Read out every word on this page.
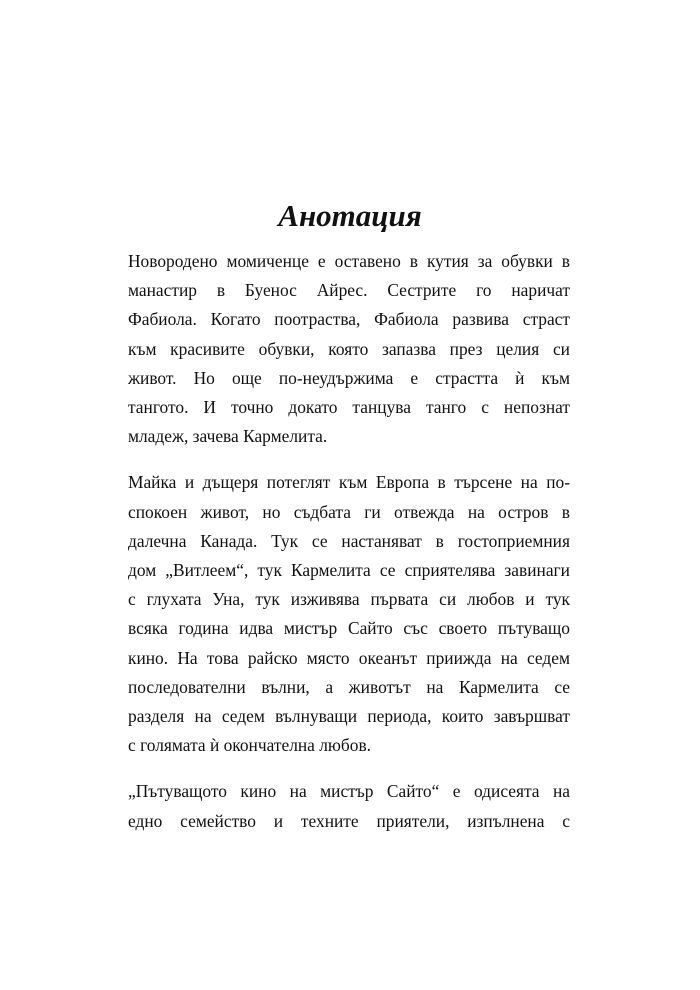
Анотация

Новородено момиченце е оставено в кутия за обувки в
манастир в Буенос Айрес. Сестрите го наричат
Фабиола. Когато поотраства, Фабиола развива страст
към красивите обувки, която запазва през целия си
живот. Но още по-неудържима е страстта ѝ към
тангото. И точно докато танцува танго с непознат
младеж, зачева Кармелита.

Майка и дъщеря потеглят към Европа в търсене на по-
спокоен живот, но съдбата ги отвежда на остров в
далечна Канада. Тук се настаняват в гостоприемния
дом „Витлеем“, тук Кармелита се сприятелява завинаги
с глухата Уна, тук изживява първата си любов и тук
всяка година идва мистър Сайто със своето пътуващо
кино. На това райско място океанът приижда на седем
последователни вълни, а животът на Кармелита се
разделя на седем вълнуващи периода, които завършват
с голямата ѝ окончателна любов.

„Пътуващото кино на мистър Сайто“ е одисеята на
едно семейство и техните приятели, изпълнена с
